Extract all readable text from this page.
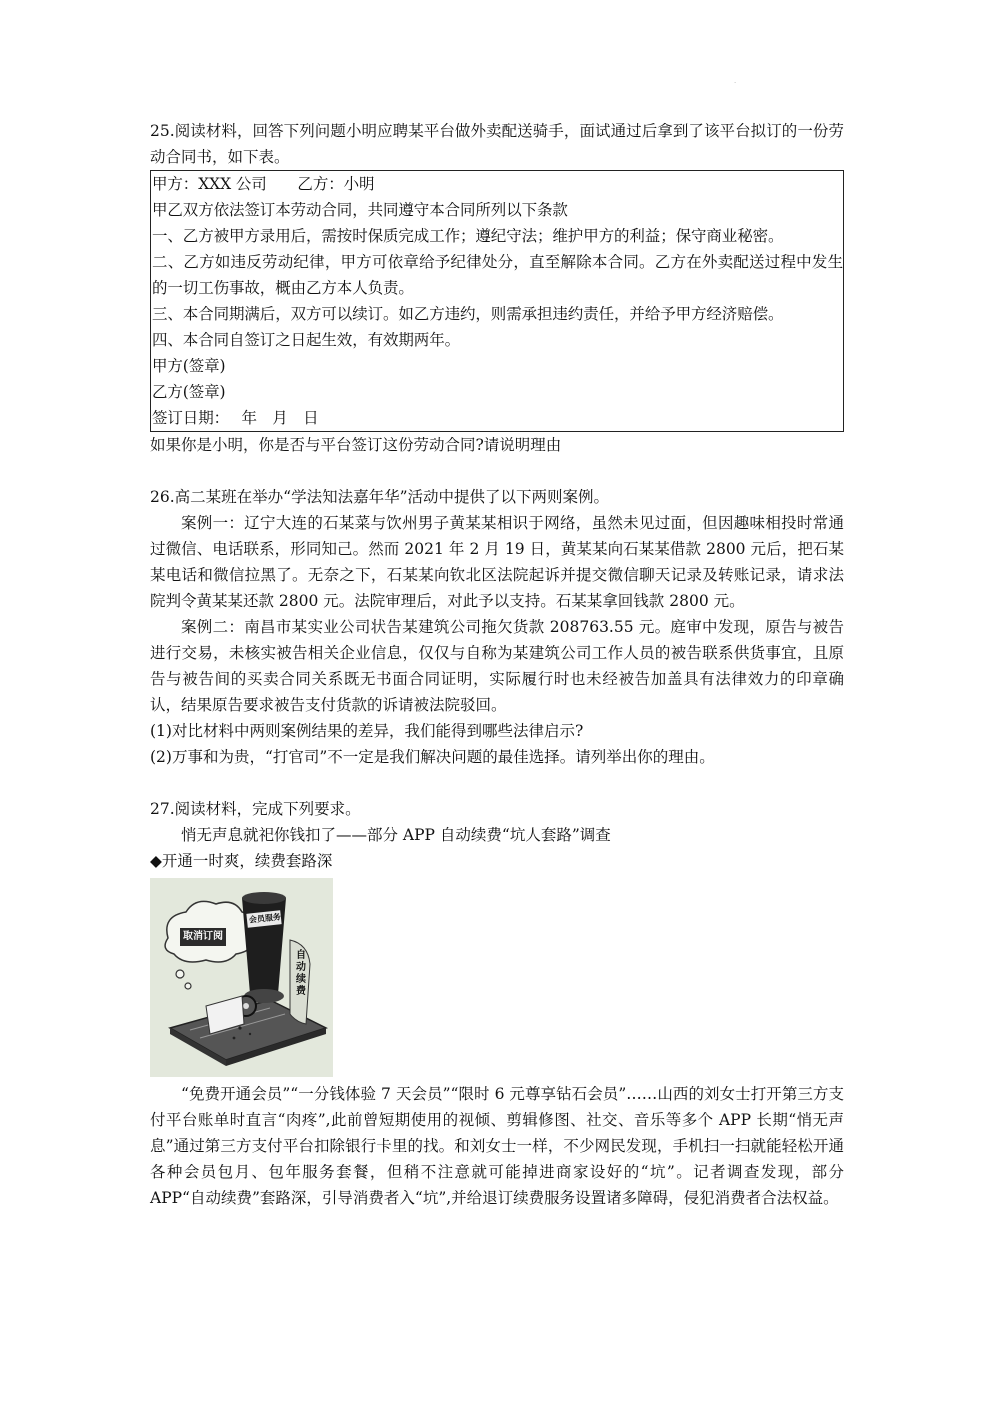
.

25.阅读材料，回答下列问题小明应聘某平台做外卖配送骑手，面试通过后拿到了该平台拟订的一份劳动合同书，如下表。

甲方：XXX 公司　　乙方：小明

甲乙双方依法签订本劳动合同，共同遵守本合同所列以下条款

一、乙方被甲方录用后，需按时保质完成工作；遵纪守法；维护甲方的利益；保守商业秘密。

二、乙方如违反劳动纪律，甲方可依章给予纪律处分，直至解除本合同。乙方在外卖配送过程中发生的一切工伤事故，概由乙方本人负责。

三、本合同期满后，双方可以续订。如乙方违约，则需承担违约责任，并给予甲方经济赔偿。

四、本合同自签订之日起生效，有效期两年。

甲方(签章)

乙方(签章)

签订日期：　 年　月　日

如果你是小明，你是否与平台签订这份劳动合同?请说明理由

26.高二某班在举办“学法知法嘉年华”活动中提供了以下两则案例。

案例一：辽宁大连的石某菜与饮州男子黄某某相识于网络，虽然未见过面，但因趣味相投时常通过微信、电话联系，形同知己。然而 2021 年 2 月 19 日，黄某某向石某某借款 2800 元后，把石某某电话和微信拉黑了。无奈之下，石某某向钦北区法院起诉并提交微信聊天记录及转账记录，请求法院判令黄某某还款 2800 元。法院审理后，对此予以支持。石某某拿回钱款 2800 元。

案例二：南昌市某实业公司状告某建筑公司拖欠货款 208763.55 元。庭审中发现，原告与被告进行交易，未核实被告相关企业信息，仅仅与自称为某建筑公司工作人员的被告联系供货事宜，且原告与被告间的买卖合同关系既无书面合同证明，实际履行时也未经被告加盖具有法律效力的印章确认，结果原告要求被告支付货款的诉请被法院驳回。

(1)对比材料中两则案例结果的差异，我们能得到哪些法律启示?

(2)万事和为贵，“打官司”不一定是我们解决问题的最佳选择。请列举出你的理由。

27.阅读材料，完成下列要求。

悄无声息就祀你钱扣了——部分 APP 自动续费“坑人套路”调查

◆开通一时爽，续费套路深

取消订阅
会员服务
自动续费

“免费开通会员”“一分钱体验 7 天会员”“限时 6 元尊享钻石会员”……山西的刘女士打开第三方支付平台账单时直言“肉疼”,此前曾短期使用的视倾、剪辑修图、社交、音乐等多个 APP 长期“悄无声息”通过第三方支付平台扣除银行卡里的找。和刘女士一样，不少网民发现，手机扫一扫就能轻松开通各种会员包月、包年服务套餐，但稍不注意就可能掉进商家设好的“坑”。记者调查发现，部分 APP“自动续费”套路深，引导消费者入“坑”,并给退订续费服务设置诸多障碍，侵犯消费者合法权益。
